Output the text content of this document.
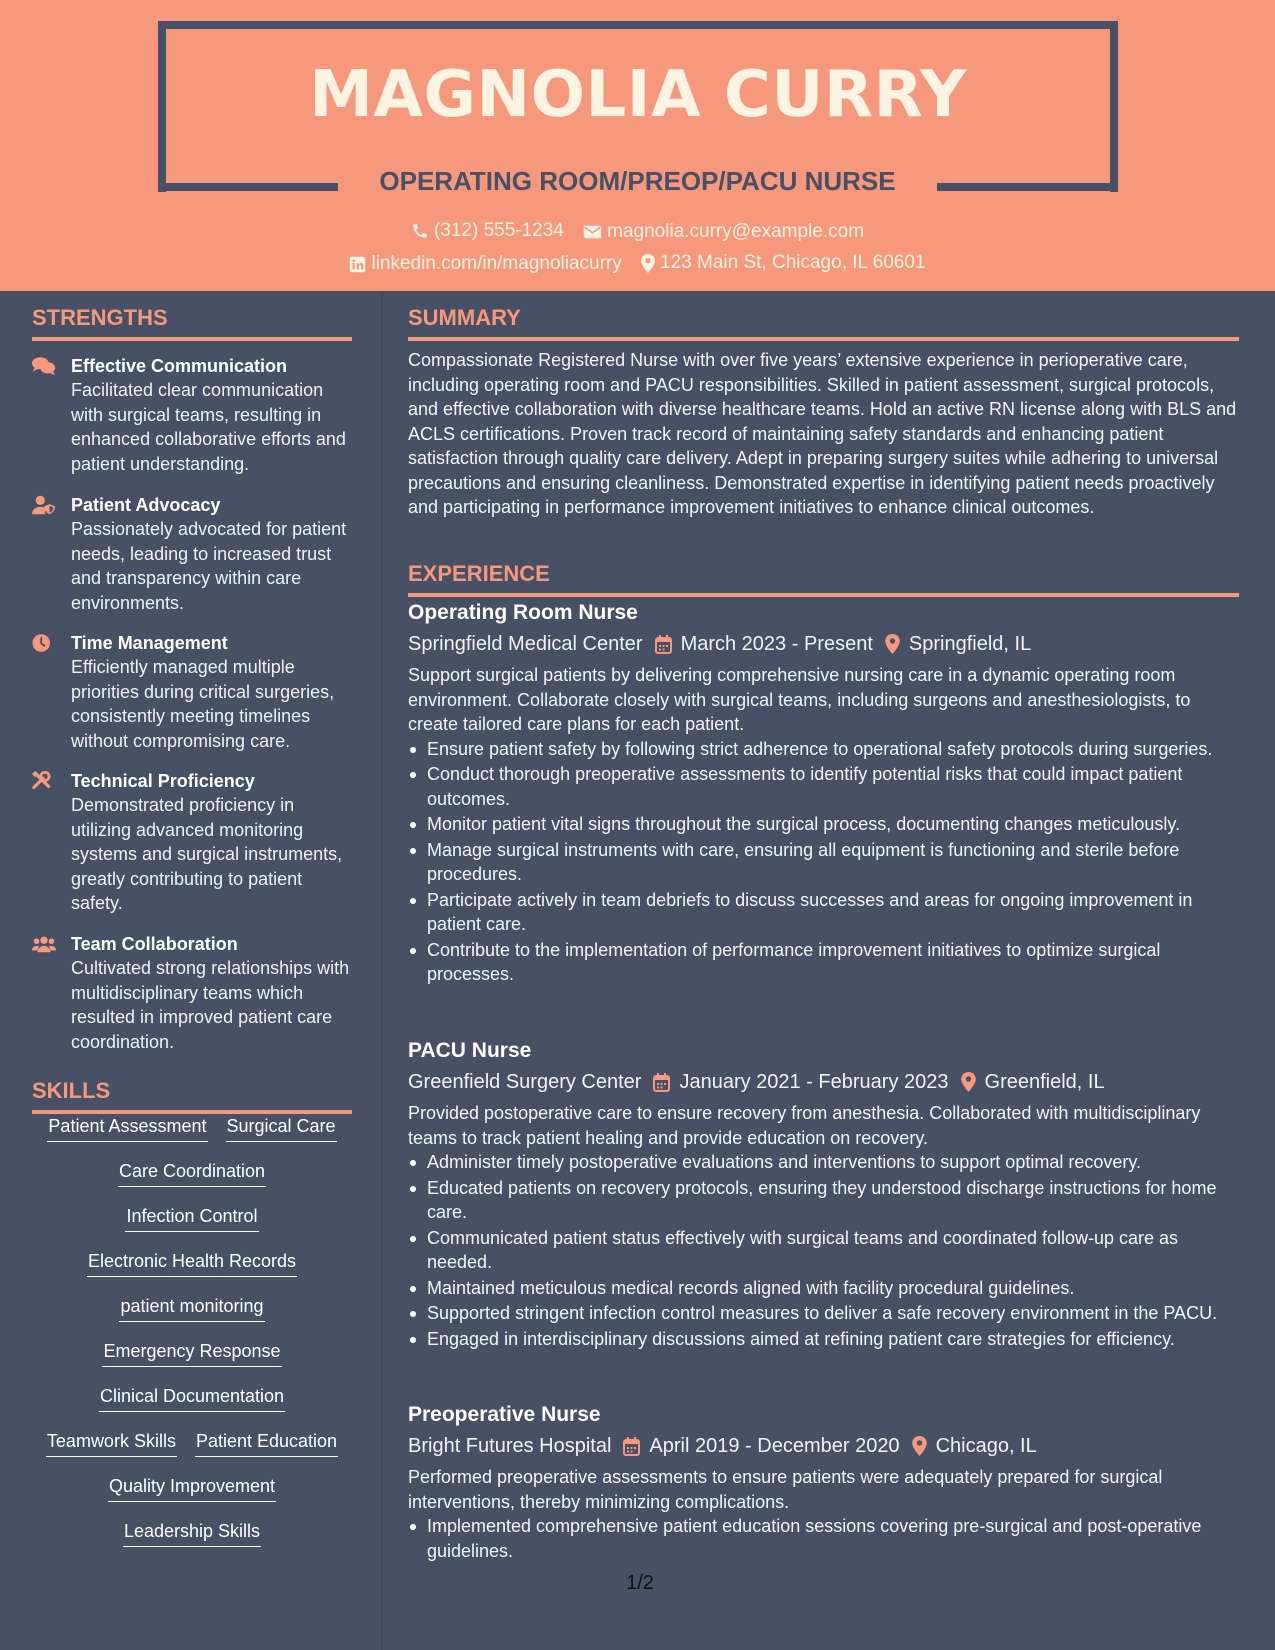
MAGNOLIA CURRY
OPERATING ROOM/PREOP/PACU NURSE
(312) 555-1234
magnolia.curry@example.com
linkedin.com/in/magnoliacurry
123 Main St, Chicago, IL 60601
STRENGTHS
Effective Communication
Facilitated clear communication with surgical teams, resulting in enhanced collaborative efforts and patient understanding.
Patient Advocacy
Passionately advocated for patient needs, leading to increased trust and transparency within care environments.
Time Management
Efficiently managed multiple priorities during critical surgeries, consistently meeting timelines without compromising care.
Technical Proficiency
Demonstrated proficiency in utilizing advanced monitoring systems and surgical instruments, greatly contributing to patient safety.
Team Collaboration
Cultivated strong relationships with multidisciplinary teams which resulted in improved patient care coordination.
SKILLS
Patient Assessment Surgical Care
Care Coordination
Infection Control
Electronic Health Records
patient monitoring
Emergency Response
Clinical Documentation
Teamwork Skills Patient Education
Quality Improvement
Leadership Skills
SUMMARY
Compassionate Registered Nurse with over five years’ extensive experience in perioperative care, including operating room and PACU responsibilities. Skilled in patient assessment, surgical protocols, and effective collaboration with diverse healthcare teams. Hold an active RN license along with BLS and ACLS certifications. Proven track record of maintaining safety standards and enhancing patient satisfaction through quality care delivery. Adept in preparing surgery suites while adhering to universal precautions and ensuring cleanliness. Demonstrated expertise in identifying patient needs proactively and participating in performance improvement initiatives to enhance clinical outcomes.
EXPERIENCE
Operating Room Nurse
Springfield Medical Center March 2023 - Present Springfield, IL
Support surgical patients by delivering comprehensive nursing care in a dynamic operating room environment. Collaborate closely with surgical teams, including surgeons and anesthesiologists, to create tailored care plans for each patient.
Ensure patient safety by following strict adherence to operational safety protocols during surgeries.
Conduct thorough preoperative assessments to identify potential risks that could impact patient outcomes.
Monitor patient vital signs throughout the surgical process, documenting changes meticulously.
Manage surgical instruments with care, ensuring all equipment is functioning and sterile before procedures.
Participate actively in team debriefs to discuss successes and areas for ongoing improvement in patient care.
Contribute to the implementation of performance improvement initiatives to optimize surgical processes.
PACU Nurse
Greenfield Surgery Center January 2021 - February 2023 Greenfield, IL
Provided postoperative care to ensure recovery from anesthesia. Collaborated with multidisciplinary teams to track patient healing and provide education on recovery.
Administer timely postoperative evaluations and interventions to support optimal recovery.
Educated patients on recovery protocols, ensuring they understood discharge instructions for home care.
Communicated patient status effectively with surgical teams and coordinated follow-up care as needed.
Maintained meticulous medical records aligned with facility procedural guidelines.
Supported stringent infection control measures to deliver a safe recovery environment in the PACU.
Engaged in interdisciplinary discussions aimed at refining patient care strategies for efficiency.
Preoperative Nurse
Bright Futures Hospital April 2019 - December 2020 Chicago, IL
Performed preoperative assessments to ensure patients were adequately prepared for surgical interventions, thereby minimizing complications.
Implemented comprehensive patient education sessions covering pre-surgical and post-operative guidelines.
1/2
